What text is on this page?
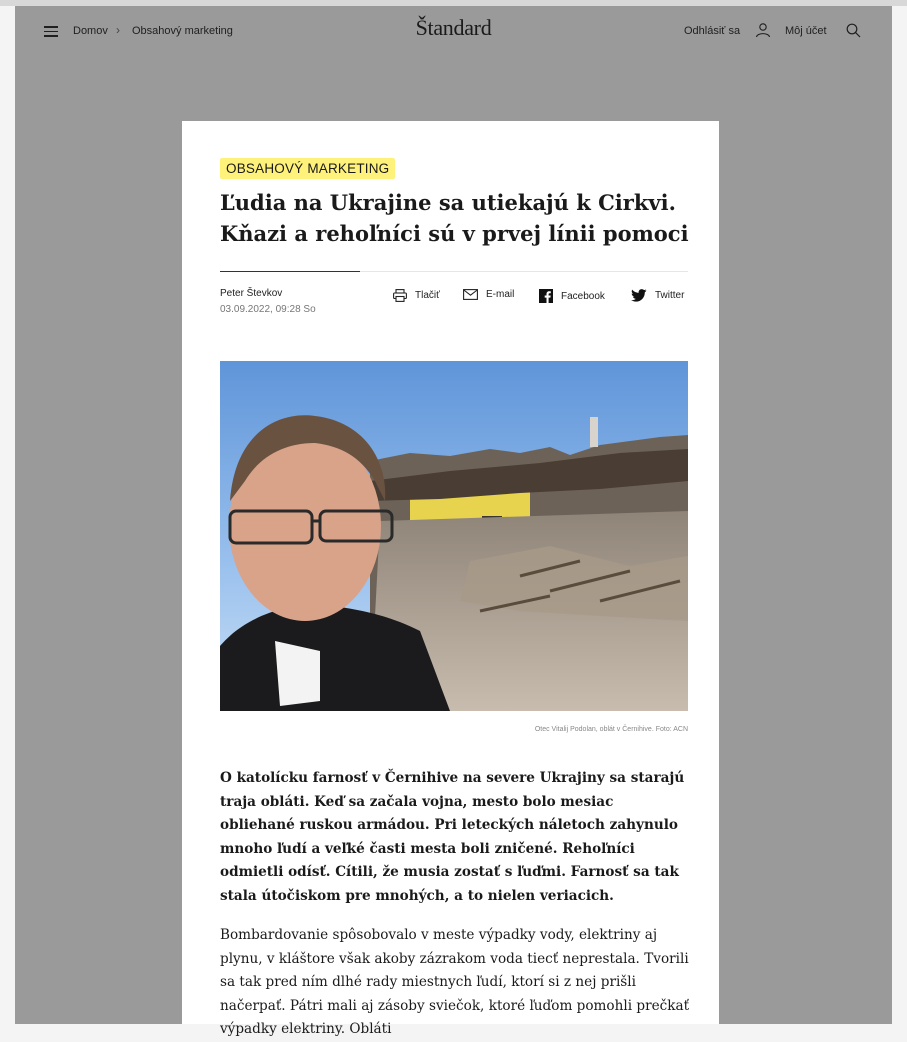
Domov › Obsahový marketing	Štandard	Odhlásiť sa	Môj účet
OBSAHOVÝ MARKETING
Ľudia na Ukrajine sa utiekajú k Cirkvi.
Kňazi a rehoľníci sú v prvej línii pomoci
Peter Števkov
03.09.2022, 09:28 So
Tlačiť	E-mail	Facebook	Twitter
Otec Vitalij Podolan, oblát v Černihive. Foto: ACN

O katolícku farnosť v Černihive na severe Ukrajiny sa starajú traja obláti. Keď sa začala vojna, mesto bolo mesiac obliehané ruskou armádou. Pri leteckých náletoch zahynulo mnoho ľudí a veľké časti mesta boli zničené. Rehoľníci odmietli odísť. Cítili, že musia zostať s ľuďmi. Farnosť sa tak stala útočiskom pre mnohých, a to nielen veriacich.

Bombardovanie spôsobovalo v meste výpadky vody, elektriny aj plynu, v kláštore však akoby zázrakom voda tiecť neprestala. Tvorili sa tak pred ním dlhé rady miestnych ľudí, ktorí si z nej prišli načerpať. Pátri mali aj zásoby sviečok, ktoré ľuďom pomohli prečkať výpadky elektriny. Obláti
